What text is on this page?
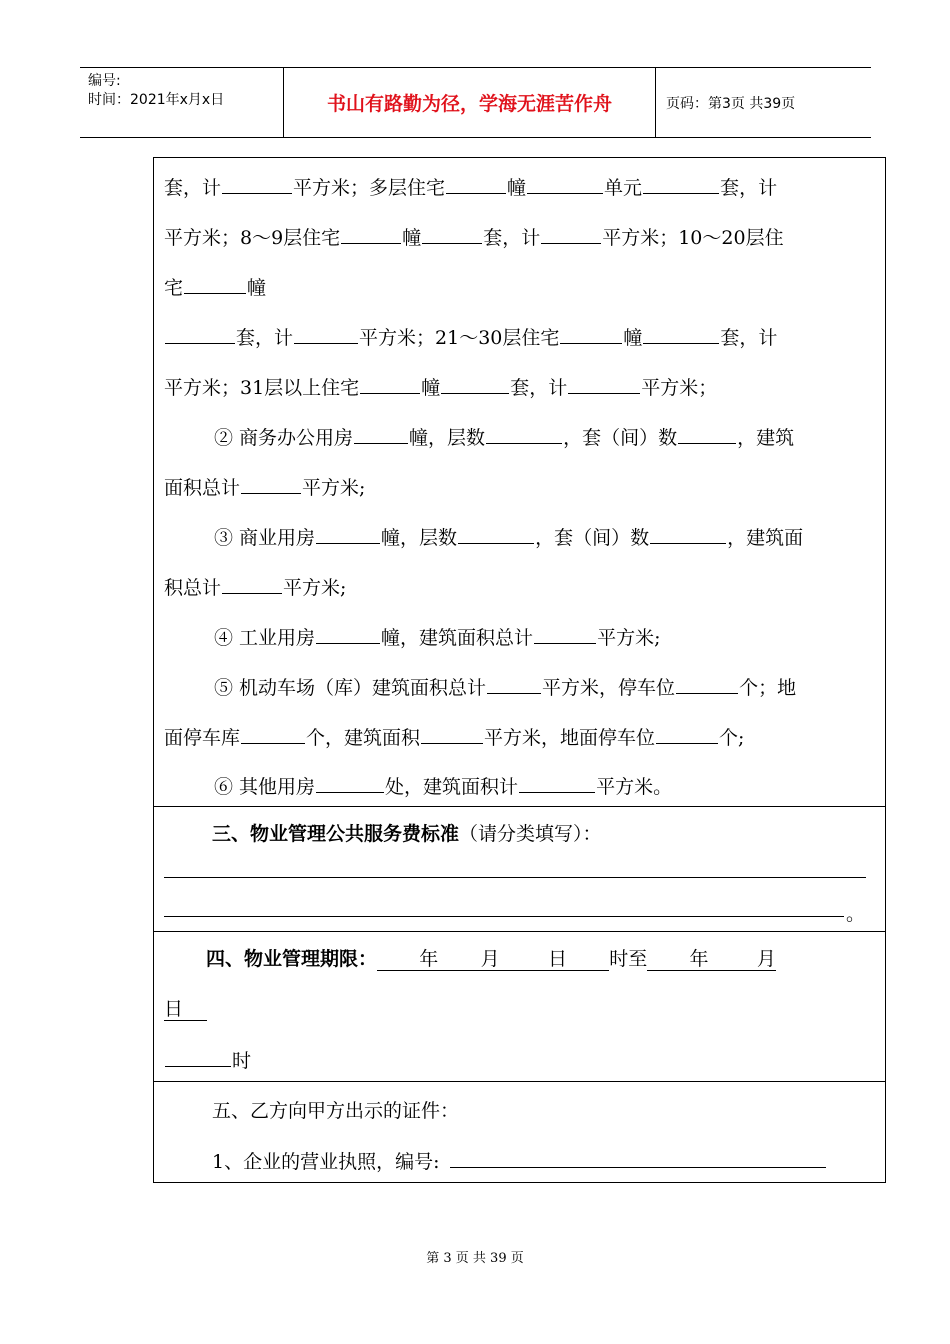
编号:
时间：2021年x月x日	书山有路勤为径，学海无涯苦作舟	页码：第3页 共39页
套，计	平方米；多层住宅	幢	单元	套，计
平方米；8～9层住宅	幢	套，计	平方米；10～20层住
宅	幢
套，计	平方米；21～30层住宅	幢	套，计
平方米；31层以上住宅	幢	套，计	平方米；
② 商务办公用房	幢，层数	，套（间）数	，建筑
面积总计	平方米;
③ 商业用房	幢，层数	，套（间）数	，建筑面
积总计	平方米;
④ 工业用房	幢，建筑面积总计	平方米;
⑤ 机动车场（库）建筑面积总计	平方米，停车位	个；地
面停车库	个，建筑面积	平方米，地面停车位	个;
⑥ 其他用房	处，建筑面积计	平方米。
三、物业管理公共服务费标准（请分类填写）：
。
四、物业管理期限： 年 月	日 时至 年	月
日
时
五、乙方向甲方出示的证件：
1、企业的营业执照，编号:
第 3 页 共 39 页
